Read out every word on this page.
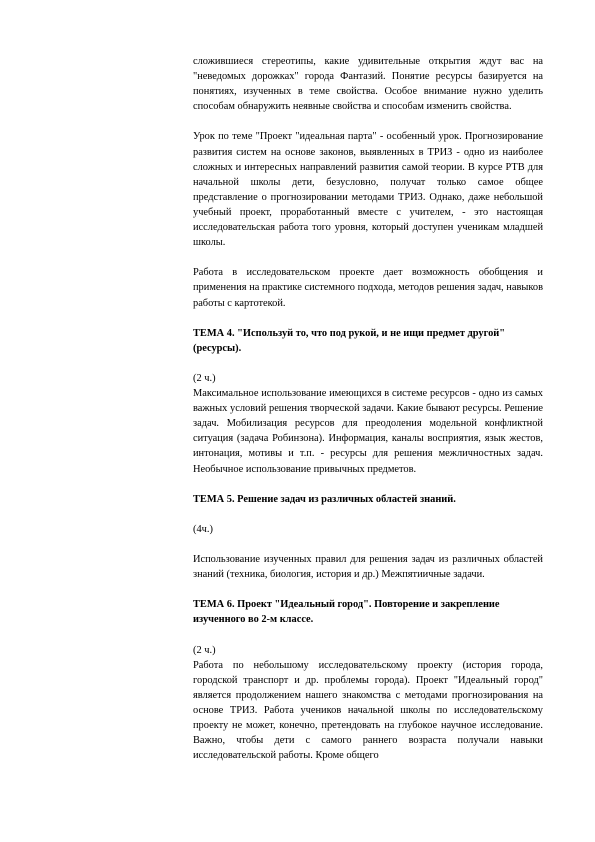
сложившиеся стереотипы, какие удивительные открытия ждут вас на "неведомых дорожках" города Фантазий. Понятие ресурсы базируется на понятиях, изученных в теме свойства. Особое внимание нужно уделить способам обнаружить неявные свойства и способам изменить свойства.

Урок по теме "Проект "идеальная парта" - особенный урок. Прогнозирование развития систем на основе законов, выявленных в ТРИЗ - одно из наиболее сложных и интересных направлений развития самой теории. В курсе РТВ для начальной школы дети, безусловно, получат только самое общее представление о прогнозировании методами ТРИЗ. Однако, даже небольшой учебный проект, проработанный вместе с учителем, - это настоящая исследовательская работа того уровня, который доступен ученикам младшей школы.

Работа в исследовательском проекте дает возможность обобщения и применения на практике системного подхода, методов решения задач, навыков работы с картотекой.

ТЕМА 4. "Используй то, что под рукой, и не ищи предмет другой" (ресурсы).

(2 ч.)

Максимальное использование имеющихся в системе ресурсов - одно из самых важных условий решения творческой задачи. Какие бывают ресурсы. Решение задач. Мобилизация ресурсов для преодоления модельной конфликтной ситуация (задача Робинзона). Информация, каналы восприятия, язык жестов, интонация, мотивы и т.п. - ресурсы для решения межличностных задач. Необычное использование привычных предметов.

ТЕМА 5. Решение задач из различных областей знаний.

(4ч.)

Использование изученных правил для решения задач из различных областей знаний (техника, биология, история и др.) Межпятиичные задачи.

ТЕМА 6. Проект "Идеальный город". Повторение и закрепление изученного во 2-м классе.

(2 ч.)

Работа по небольшому исследовательскому проекту (история города, городской транспорт и др. проблемы города). Проект "Идеальный город" является продолжением нашего знакомства с методами прогнозирования на основе ТРИЗ. Работа учеников начальной школы по исследовательскому проекту не может, конечно, претендовать на глубокое научное исследование. Важно, чтобы дети с самого раннего возраста получали навыки исследовательской работы. Кроме общего
